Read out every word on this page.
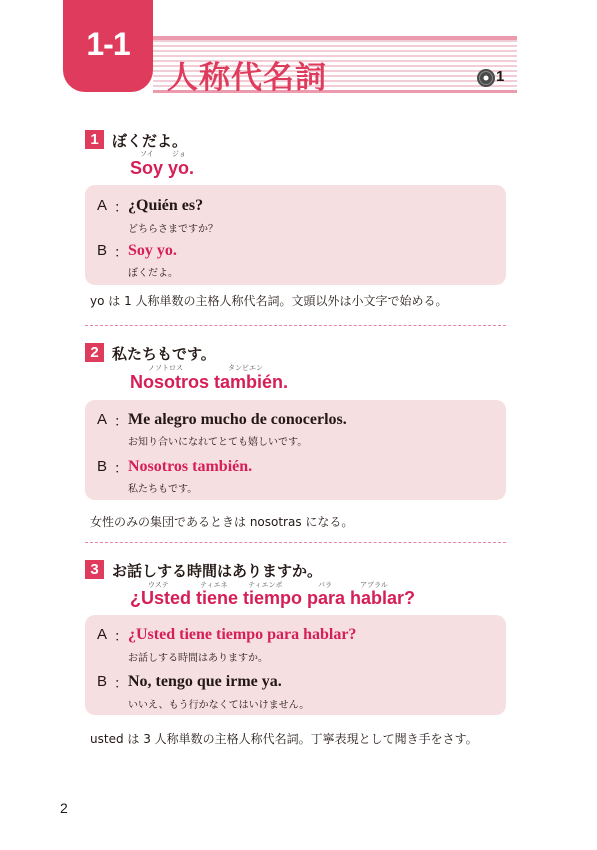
1-1
人称代名詞	1
1 ぼくだよ。
ソイ	ジョ
Soy yo.
A ： ¿Quién es?
どちらさまですか？
B ： Soy yo.
ぼくだよ。
yo は 1 人称単数の主格人称代名詞。文頭以外は小文字で始める。
2 私たちもです。
ノソトロス	タンビエン
Nosotros también.
A ： Me alegro mucho de conocerlos.
お知り合いになれてとても嬉しいです。
B ： Nosotros también.
私たちもです。
女性のみの集団であるときは nosotras になる。
3 お話しする時間はありますか。
ウステ	ティエネ	ティエンポ	パラ	アブラル
¿Usted tiene tiempo para hablar?
A ： ¿Usted tiene tiempo para hablar?
お話しする時間はありますか。
B ： No, tengo que irme ya.
いいえ、もう行かなくてはいけません。
usted は 3 人称単数の主格人称代名詞。丁寧表現として聞き手をさす。
2
